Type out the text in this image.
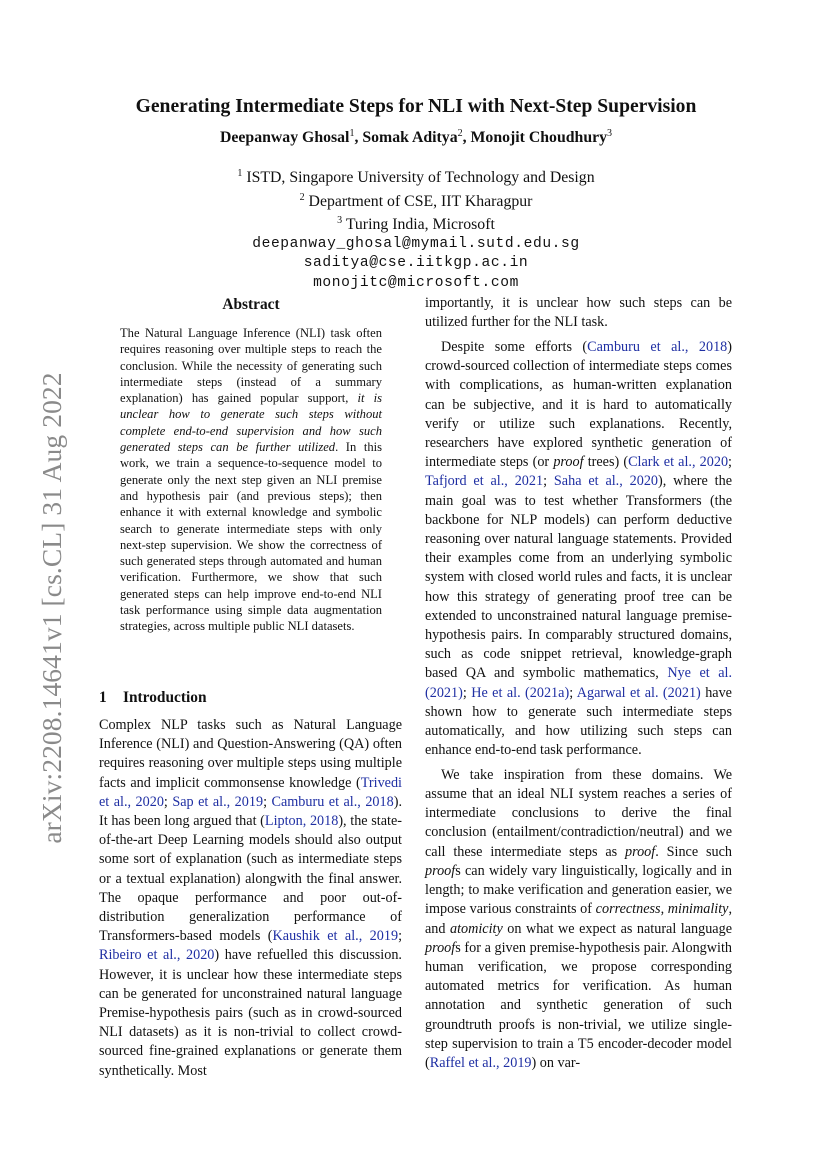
arXiv:2208.14641v1 [cs.CL] 31 Aug 2022
Generating Intermediate Steps for NLI with Next-Step Supervision
Deepanway Ghosal$^1$, Somak Aditya$^2$, Monojit Choudhury$^3$
$^1$ ISTD, Singapore University of Technology and Design
$^2$ Department of CSE, IIT Kharagpur
$^3$ Turing India, Microsoft
deepanway_ghosal@mymail.sutd.edu.sg
saditya@cse.iitkgp.ac.in
monojitc@microsoft.com
Abstract

The Natural Language Inference (NLI) task often requires reasoning over multiple steps to reach the conclusion. While the necessity of generating such intermediate steps (instead of a summary explanation) has gained popular support, it is unclear how to generate such steps without complete end-to-end supervision and how such generated steps can be further utilized. In this work, we train a sequence-to-sequence model to generate only the next step given an NLI premise and hypothesis pair (and previous steps); then enhance it with external knowledge and symbolic search to generate intermediate steps with only next-step supervision. We show the correctness of such generated steps through automated and human verification. Furthermore, we show that such generated steps can help improve end-to-end NLI task performance using simple data augmentation strategies, across multiple public NLI datasets.

1 Introduction

Complex NLP tasks such as Natural Language Inference (NLI) and Question-Answering (QA) often requires reasoning over multiple steps using multiple facts and implicit commonsense knowledge (Trivedi et al., 2020; Sap et al., 2019; Camburu et al., 2018). It has been long argued that (Lipton, 2018), the state-of-the-art Deep Learning models should also output some sort of explanation (such as intermediate steps or a textual explanation) alongwith the final answer. The opaque performance and poor out-of-distribution generalization performance of Transformers-based models (Kaushik et al., 2019; Ribeiro et al., 2020) have refuelled this discussion. However, it is unclear how these intermediate steps can be generated for unconstrained natural language Premise-hypothesis pairs (such as in crowd-sourced NLI datasets) as it is non-trivial to collect crowd-sourced fine-grained explanations or generate them synthetically. Most

importantly, it is unclear how such steps can be utilized further for the NLI task.

Despite some efforts (Camburu et al., 2018) crowd-sourced collection of intermediate steps comes with complications, as human-written explanation can be subjective, and it is hard to automatically verify or utilize such explanations. Recently, researchers have explored synthetic generation of intermediate steps (or proof trees) (Clark et al., 2020; Tafjord et al., 2021; Saha et al., 2020), where the main goal was to test whether Transformers (the backbone for NLP models) can perform deductive reasoning over natural language statements. Provided their examples come from an underlying symbolic system with closed world rules and facts, it is unclear how this strategy of generating proof tree can be extended to unconstrained natural language premise-hypothesis pairs. In comparably structured domains, such as code snippet retrieval, knowledge-graph based QA and symbolic mathematics, Nye et al. (2021); He et al. (2021a); Agarwal et al. (2021) have shown how to generate such intermediate steps automatically, and how utilizing such steps can enhance end-to-end task performance.

We take inspiration from these domains. We assume that an ideal NLI system reaches a series of intermediate conclusions to derive the final conclusion (entailment/contradiction/neutral) and we call these intermediate steps as proof. Since such proofs can widely vary linguistically, logically and in length; to make verification and generation easier, we impose various constraints of correctness, minimality, and atomicity on what we expect as natural language proofs for a given premise-hypothesis pair. Alongwith human verification, we propose corresponding automated metrics for verification. As human annotation and synthetic generation of such groundtruth proofs is non-trivial, we utilize single-step supervision to train a T5 encoder-decoder model (Raffel et al., 2019) on var-
